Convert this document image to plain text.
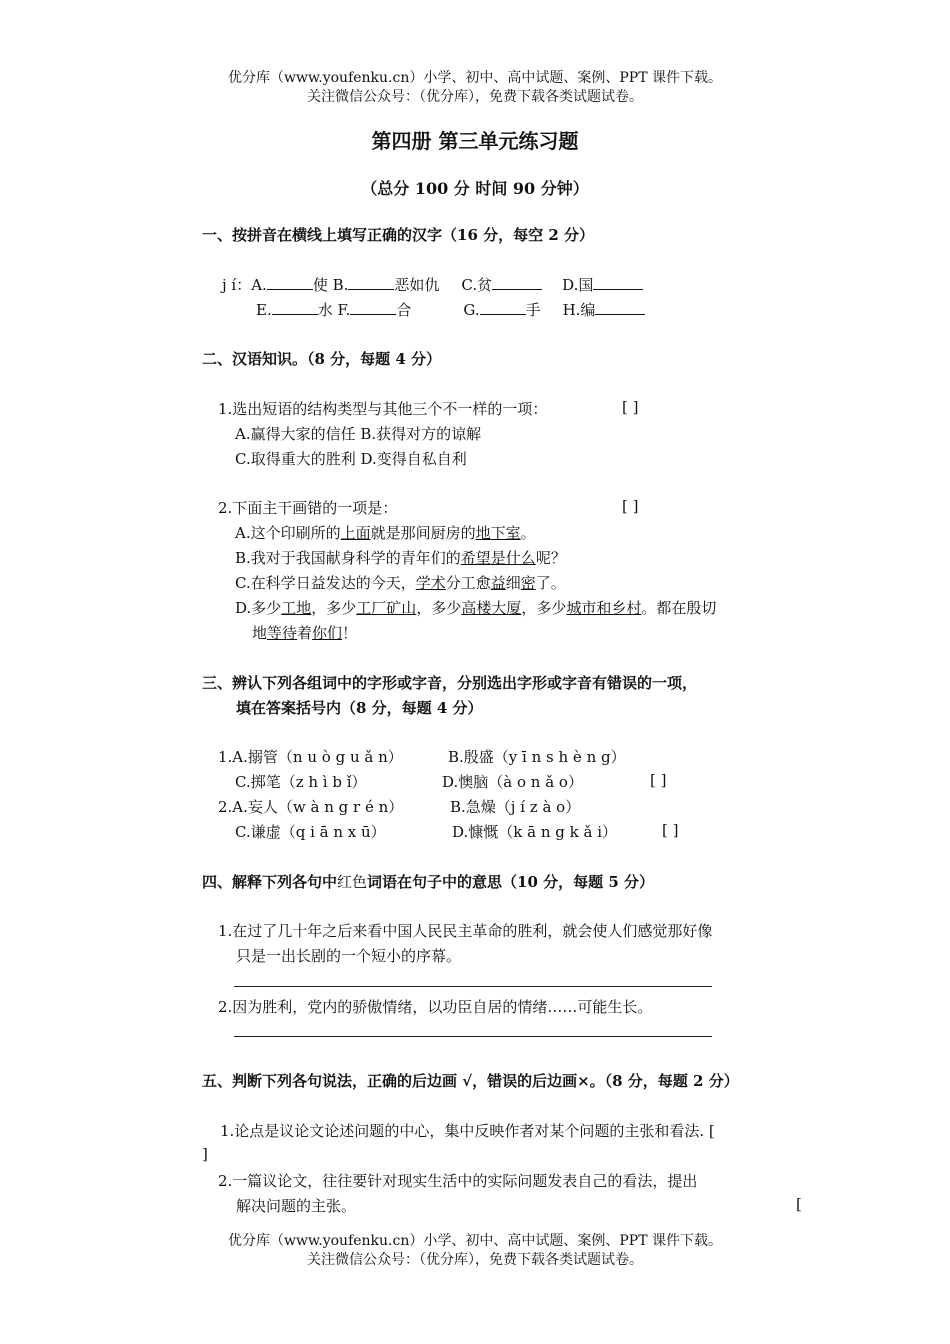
优分库（www.youfenku.cn）小学、初中、高中试题、案例、PPT 课件下载。
关注微信公众号：（优分库），免费下载各类试题试卷。
第四册 第三单元练习题
（总分 100 分 时间 90 分钟）
一、按拼音在横线上填写正确的汉字（16 分，每空 2 分）
j í：A.	使 B.	恶如仇 C.贫	D.国
E.	水 F.	合	G.	手 H.编
二、汉语知识。（8 分，每题 4 分）
1.选出短语的结构类型与其他三个不一样的一项：	[ ]
A.赢得大家的信任 B.获得对方的谅解
C.取得重大的胜利 D.变得自私自利
2.下面主干画错的一项是：	[ ]
A.这个印刷所的上面就是那间厨房的地下室。
B.我对于我国献身科学的青年们的希望是什么呢？
C.在科学日益发达的今天，学术分工愈益细密了。
D.多少工地，多少工厂矿山，多少高楼大厦，多少城市和乡村。都在殷切
地等待着你们！
三、辨认下列各组词中的字形或字音，分别选出字形或字音有错误的一项，
填在答案括号内（8 分，每题 4 分）
1.A.搦管（n u ò g u ǎ n）	B.殷盛（y ī n s h è n g）
C.掷笔（z h ì b ǐ）	D.懊脑（à o n ǎ o）	[ ]
2.A.妄人（w à n g r é n）	B.急燥（j í z à o）
C.谦虚（q i ā n x ū）	D.慷慨（k ā n g k ǎ i）	[ ]
四、解释下列各句中红色词语在句子中的意思（10 分，每题 5 分）
1.在过了几十年之后来看中国人民民主革命的胜利，就会使人们感觉那好像
只是一出长剧的一个短小的序幕。
2.因为胜利，党内的骄傲情绪，以功臣自居的情绪……可能生长。
五、判断下列各句说法，正确的后边画 √，错误的后边画×。（8 分，每题 2 分）
1.论点是议论文论述问题的中心，集中反映作者对某个问题的主张和看法. [
]
2.一篇议论文，往往要针对现实生活中的实际问题发表自己的看法，提出
解决问题的主张。	[
优分库（www.youfenku.cn）小学、初中、高中试题、案例、PPT 课件下载。
关注微信公众号：（优分库），免费下载各类试题试卷。
